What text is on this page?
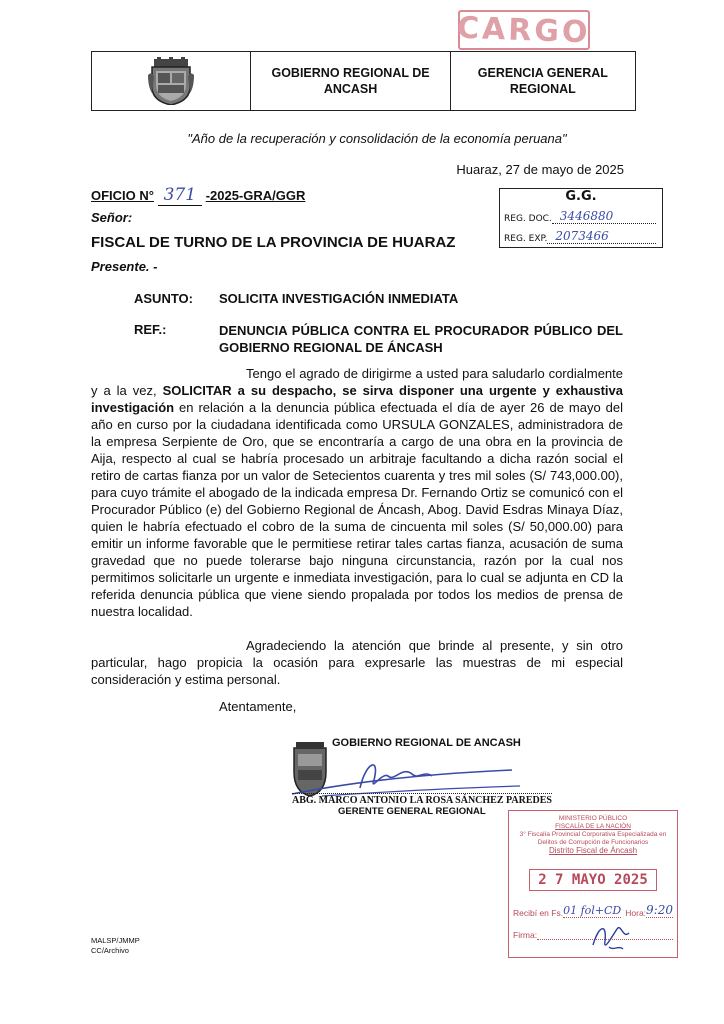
CARGO
GOBIERNO REGIONAL DE ANCASH
GERENCIA GENERAL REGIONAL
"Año de la recuperación y consolidación de la economía peruana"
Huaraz, 27 de mayo de 2025
OFICIO N° 371 -2025-GRA/GGR	G.G.
REG. DOC. 3446880
REG. EXP. 2073466
Señor:
FISCAL DE TURNO DE LA PROVINCIA DE HUARAZ
Presente. -
ASUNTO: SOLICITA INVESTIGACIÓN INMEDIATA
REF.:	DENUNCIA PÚBLICA CONTRA EL PROCURADOR PÚBLICO DEL GOBIERNO REGIONAL DE ÁNCASH

Tengo el agrado de dirigirme a usted para saludarlo cordialmente y a la vez, SOLICITAR a su despacho, se sirva disponer una urgente y exhaustiva investigación en relación a la denuncia pública efectuada el día de ayer 26 de mayo del año en curso por la ciudadana identificada como URSULA GONZALES, administradora de la empresa Serpiente de Oro, que se encontraría a cargo de una obra en la provincia de Aija, respecto al cual se habría procesado un arbitraje facultando a dicha razón social el retiro de cartas fianza por un valor de Setecientos cuarenta y tres mil soles (S/ 743,000.00), para cuyo trámite el abogado de la indicada empresa Dr. Fernando Ortiz se comunicó con el Procurador Público (e) del Gobierno Regional de Áncash, Abog. David Esdras Minaya Díaz, quien le habría efectuado el cobro de la suma de cincuenta mil soles (S/ 50,000.00) para emitir un informe favorable que le permitiese retirar tales cartas fianza, acusación de suma gravedad que no puede tolerarse bajo ninguna circunstancia, razón por la cual nos permitimos solicitarle un urgente e inmediata investigación, para lo cual se adjunta en CD la referida denuncia pública que viene siendo propalada por todos los medios de prensa de nuestra localidad.

Agradeciendo la atención que brinde al presente, y sin otro particular, hago propicia la ocasión para expresarle las muestras de mi especial consideración y estima personal.

Atentamente,
GOBIERNO REGIONAL DE ANCASH
ABG. MARCO ANTONIO LA ROSA SÁNCHEZ PAREDES
GERENTE GENERAL REGIONAL
MINISTERIO PÚBLICO
FISCALÍA DE LA NACIÓN
3° Fiscalía Provincial Corporativa Especializada en Delitos de Corrupción de Funcionarios
Distrito Fiscal de Áncash
2 7 MAYO 2025
Recibí en Fs. 01 fol+CD Hora: 9:20
Firma:
MALSP/JMMP
CC/Archivo
